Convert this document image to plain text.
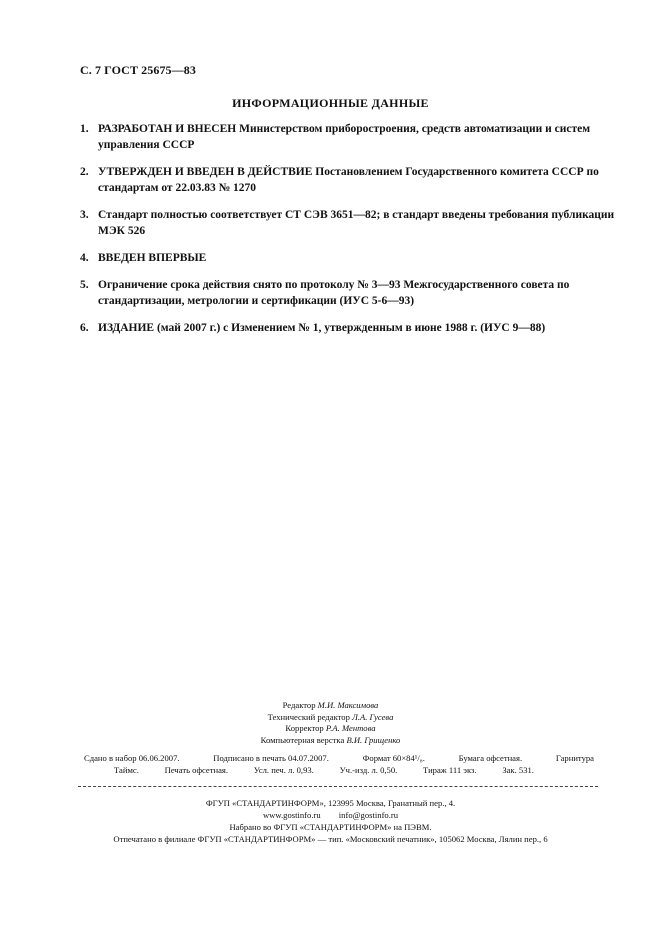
С. 7 ГОСТ 25675—83
ИНФОРМАЦИОННЫЕ ДАННЫЕ
1. РАЗРАБОТАН И ВНЕСЕН Министерством приборостроения, средств автоматизации и систем управления СССР
2. УТВЕРЖДЕН И ВВЕДЕН В ДЕЙСТВИЕ Постановлением Государственного комитета СССР по стандартам от 22.03.83 № 1270
3. Стандарт полностью соответствует СТ СЭВ 3651—82; в стандарт введены требования публикации МЭК 526
4. ВВЕДЕН ВПЕРВЫЕ
5. Ограничение срока действия снято по протоколу № 3—93 Межгосударственного совета по стандартизации, метрологии и сертификации (ИУС 5-6—93)
6. ИЗДАНИЕ (май 2007 г.) с Изменением № 1, утвержденным в июне 1988 г. (ИУС 9—88)
Редактор М.И. Максимова
Технический редактор Л.А. Гусева
Корректор Р.А. Ментова
Компьютерная верстка В.И. Грищенко
Сдано в набор 06.06.2007.	Подписано в печать 04.07.2007.	Формат 60×84¹/₈.	Бумага офсетная.	Гарнитура
Таймс.	Печать офсетная.	Усл. печ. л. 0,93.	Уч.-изд. л. 0,50.	Тираж 111 экз.	Зак. 531.
ФГУП «СТАНДАРТИНФОРМ», 123995 Москва, Гранатный пер., 4.
www.gostinfo.ru info@gostinfo.ru
Набрано во ФГУП «СТАНДАРТИНФОРМ» на ПЭВМ.
Отпечатано в филиале ФГУП «СТАНДАРТИНФОРМ» — тип. «Московский печатник», 105062 Москва, Лялин пер., 6
